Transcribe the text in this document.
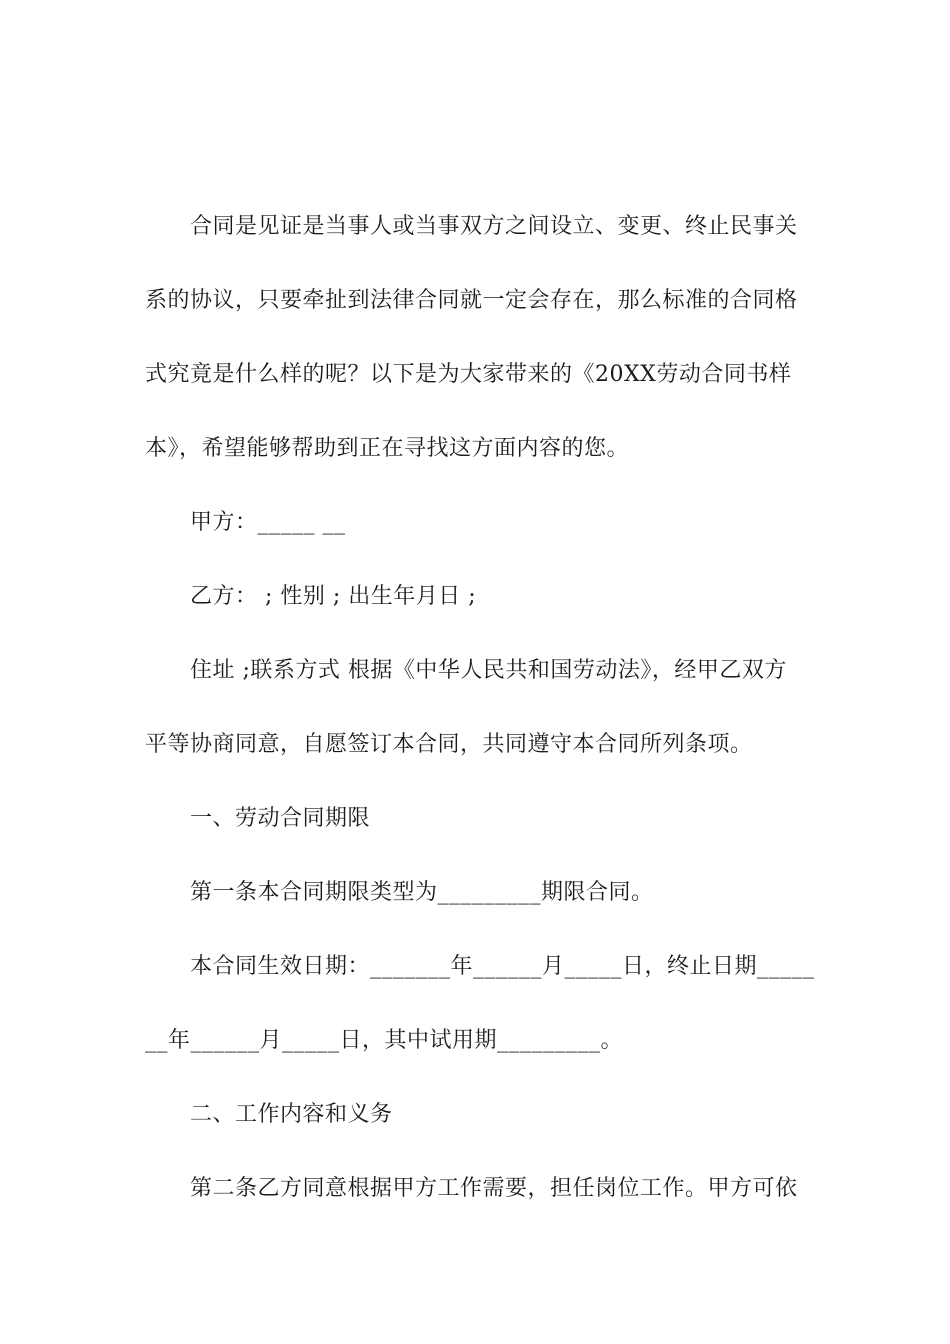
合同是见证是当事人或当事双方之间设立、变更、终止民事关
系的协议，只要牵扯到法律合同就一定会存在，那么标准的合同格
式究竟是什么样的呢？以下是为大家带来的《20XX劳动合同书样
本》，希望能够帮助到正在寻找这方面内容的您。
甲方：_____ __
乙方： ; 性别 ; 出生年月日 ;
住址 ;联系方式 根据《中华人民共和国劳动法》，经甲乙双方
平等协商同意，自愿签订本合同，共同遵守本合同所列条项。
一、劳动合同期限
第一条本合同期限类型为_________期限合同。
本合同生效日期：_______年______月_____日，终止日期_____
__年______月_____日，其中试用期_________。
二、工作内容和义务
第二条乙方同意根据甲方工作需要，担任岗位工作。甲方可依
